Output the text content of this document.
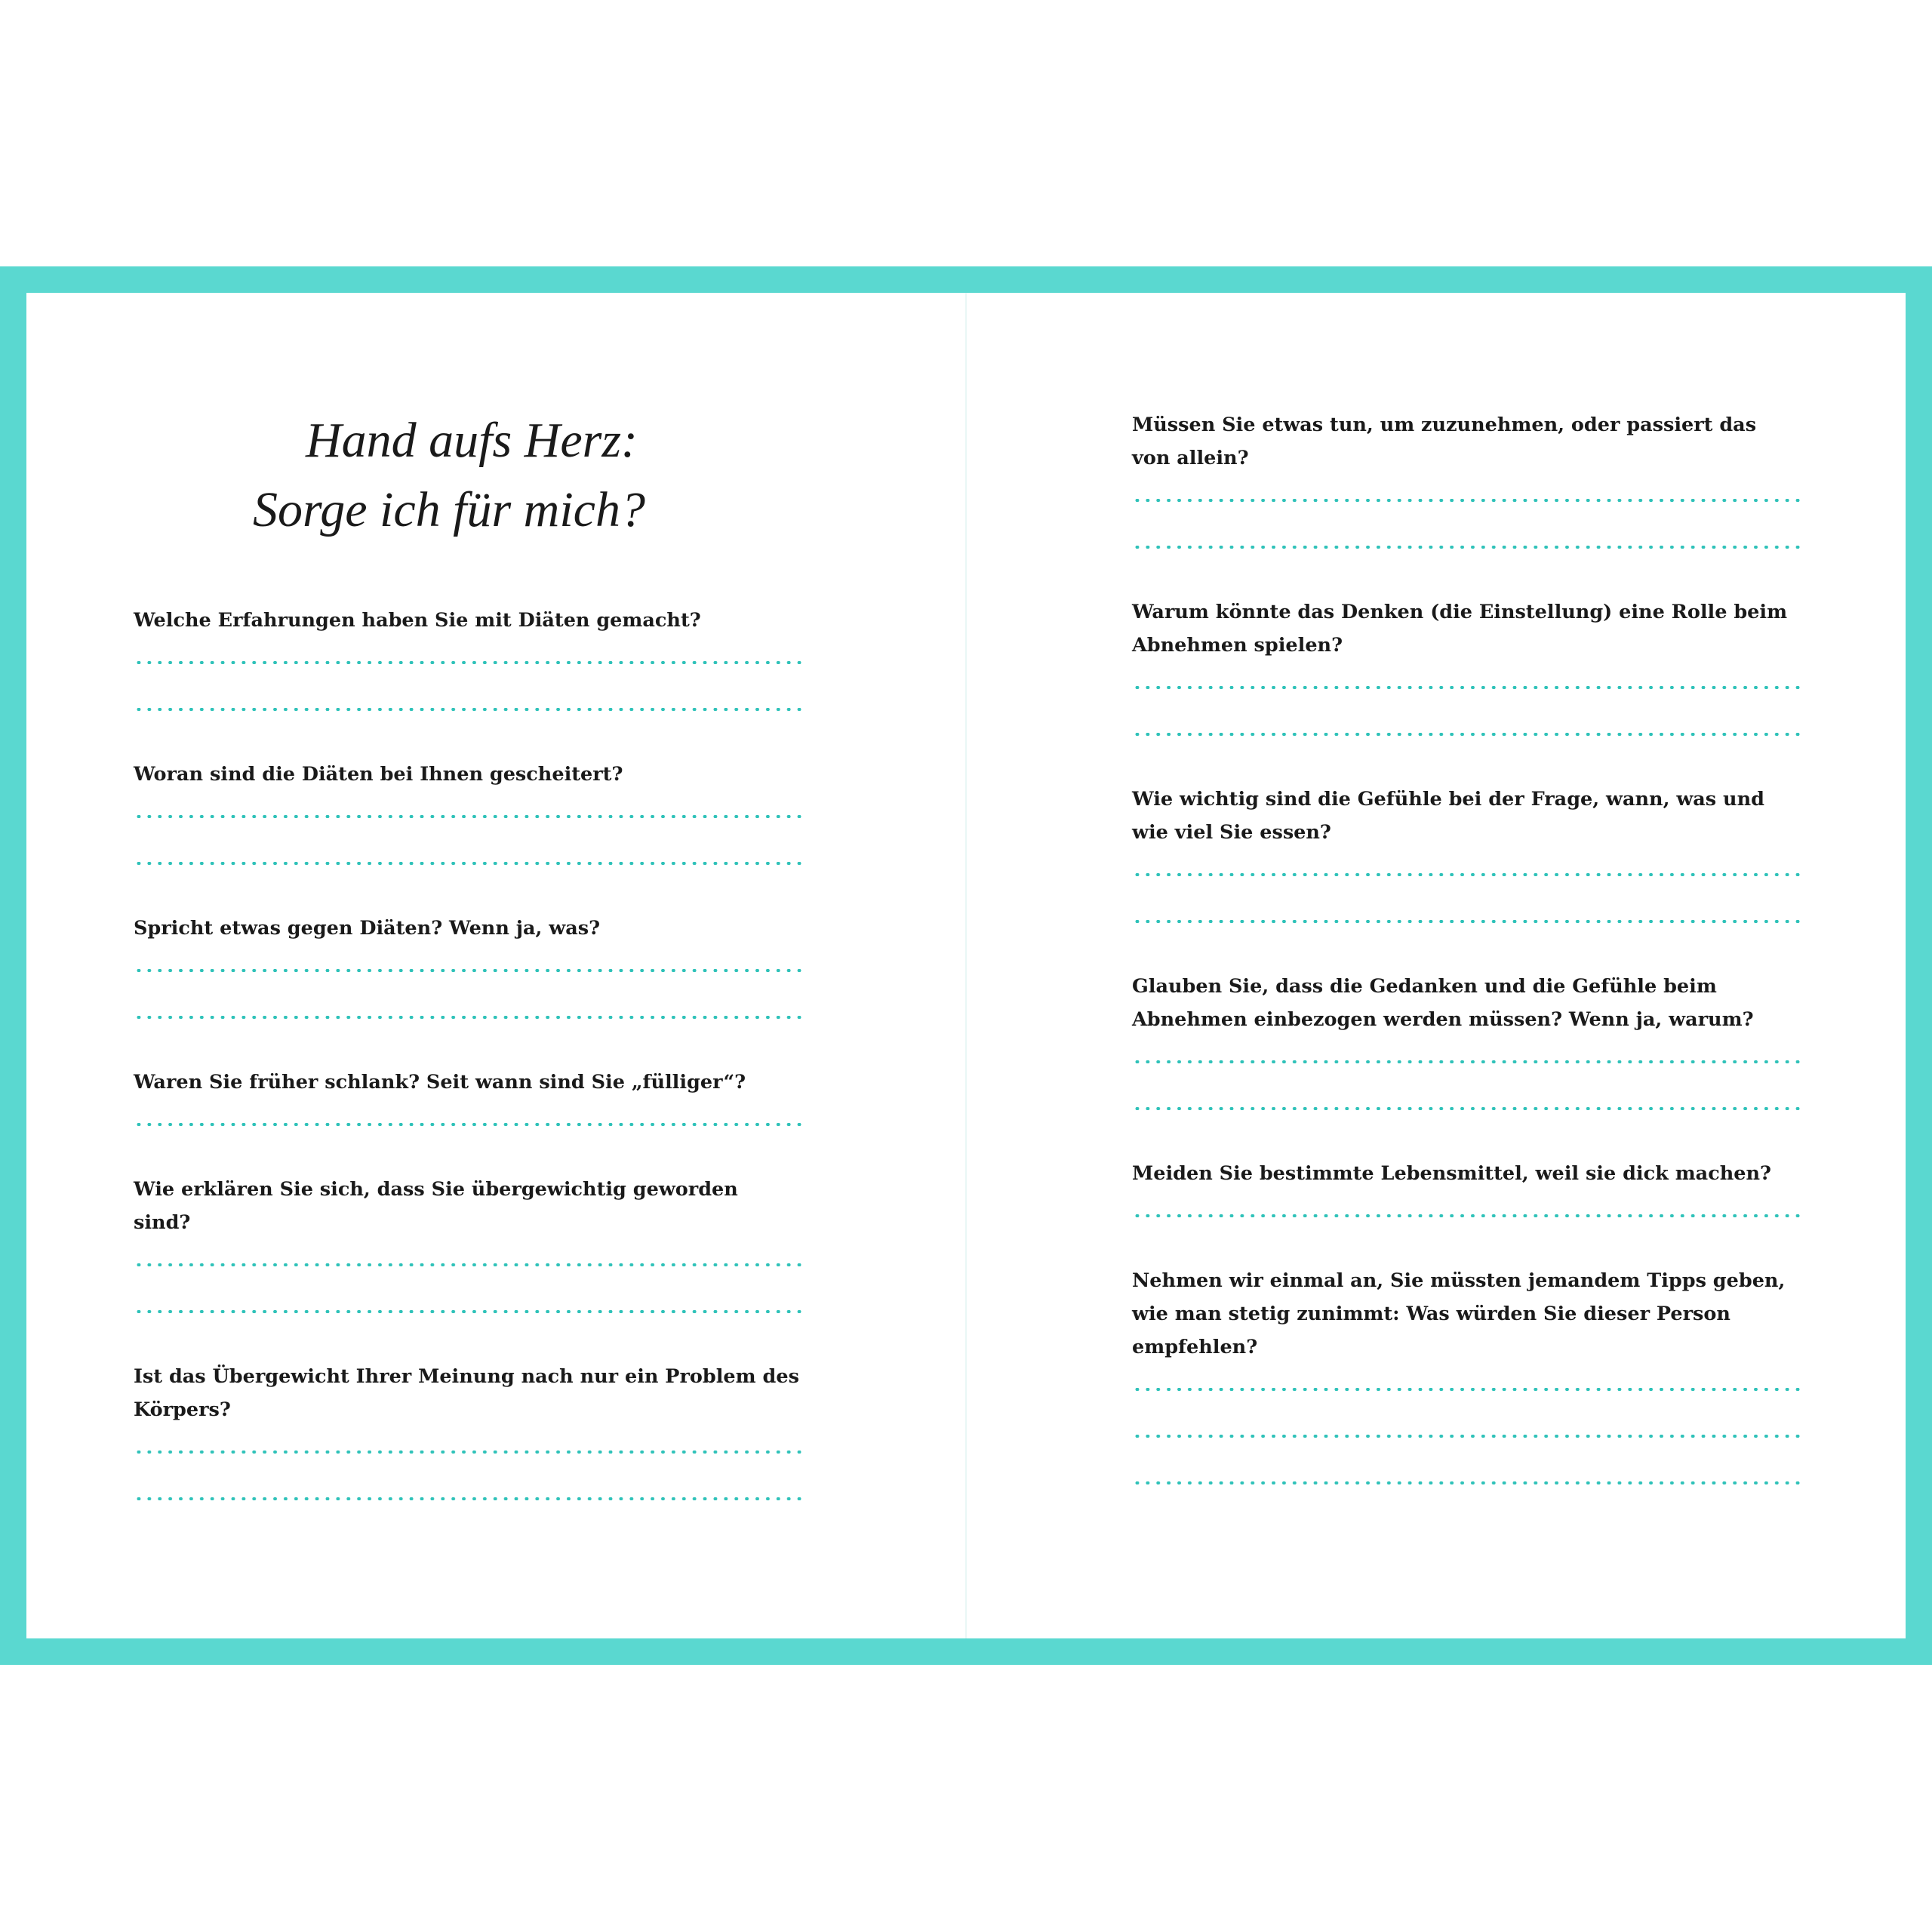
Hand aufs Herz:
Sorge ich für mich?

Welche Erfahrungen haben Sie mit Diäten gemacht?

Woran sind die Diäten bei Ihnen gescheitert?

Spricht etwas gegen Diäten? Wenn ja, was?

Waren Sie früher schlank? Seit wann sind Sie „fülliger“?

Wie erklären Sie sich, dass Sie übergewichtig geworden sind?

Ist das Übergewicht Ihrer Meinung nach nur ein Problem des Körpers?

Müssen Sie etwas tun, um zuzunehmen, oder passiert das von allein?

Warum könnte das Denken (die Einstellung) eine Rolle beim Abnehmen spielen?

Wie wichtig sind die Gefühle bei der Frage, wann, was und wie viel Sie essen?

Glauben Sie, dass die Gedanken und die Gefühle beim Abnehmen einbezogen werden müssen? Wenn ja, warum?

Meiden Sie bestimmte Lebensmittel, weil sie dick machen?

Nehmen wir einmal an, Sie müssten jemandem Tipps geben, wie man stetig zunimmt: Was würden Sie dieser Person empfehlen?
